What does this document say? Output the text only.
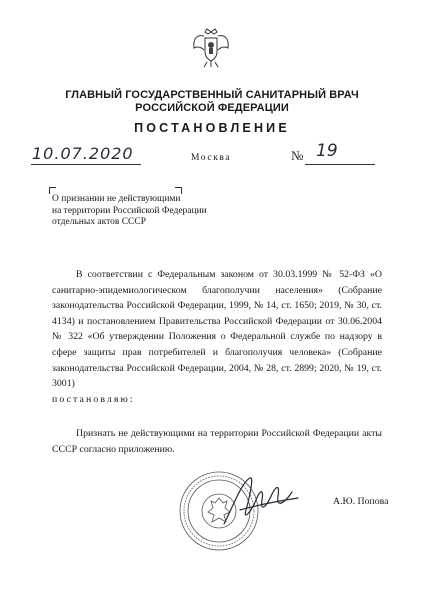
ГЛАВНЫЙ ГОСУДАРСТВЕННЫЙ САНИТАРНЫЙ ВРАЧ
РОССИЙСКОЙ ФЕДЕРАЦИИ
ПОСТАНОВЛЕНИЕ
10.07.2020	Москва	№ 19
О признании не действующими
на территории Российской Федерации
отдельных актов СССР

В соответствии с Федеральным законом от 30.03.1999 № 52-ФЗ «О санитарно-эпидемиологическом благополучии населения» (Собрание законодательства Российской Федерации, 1999, № 14, ст. 1650; 2019, № 30, ст. 4134) и постановлением Правительства Российской Федерации от 30.06.2004 № 322 «Об утверждении Положения о Федеральной службе по надзору в сфере защиты прав потребителей и благополучия человека» (Собрание законодательства Российской Федерации, 2004, № 28, ст. 2899; 2020, № 19, ст. 3001)

постановляю:

Признать не действующими на территории Российской Федерации акты СССР согласно приложению.
А.Ю. Попова
